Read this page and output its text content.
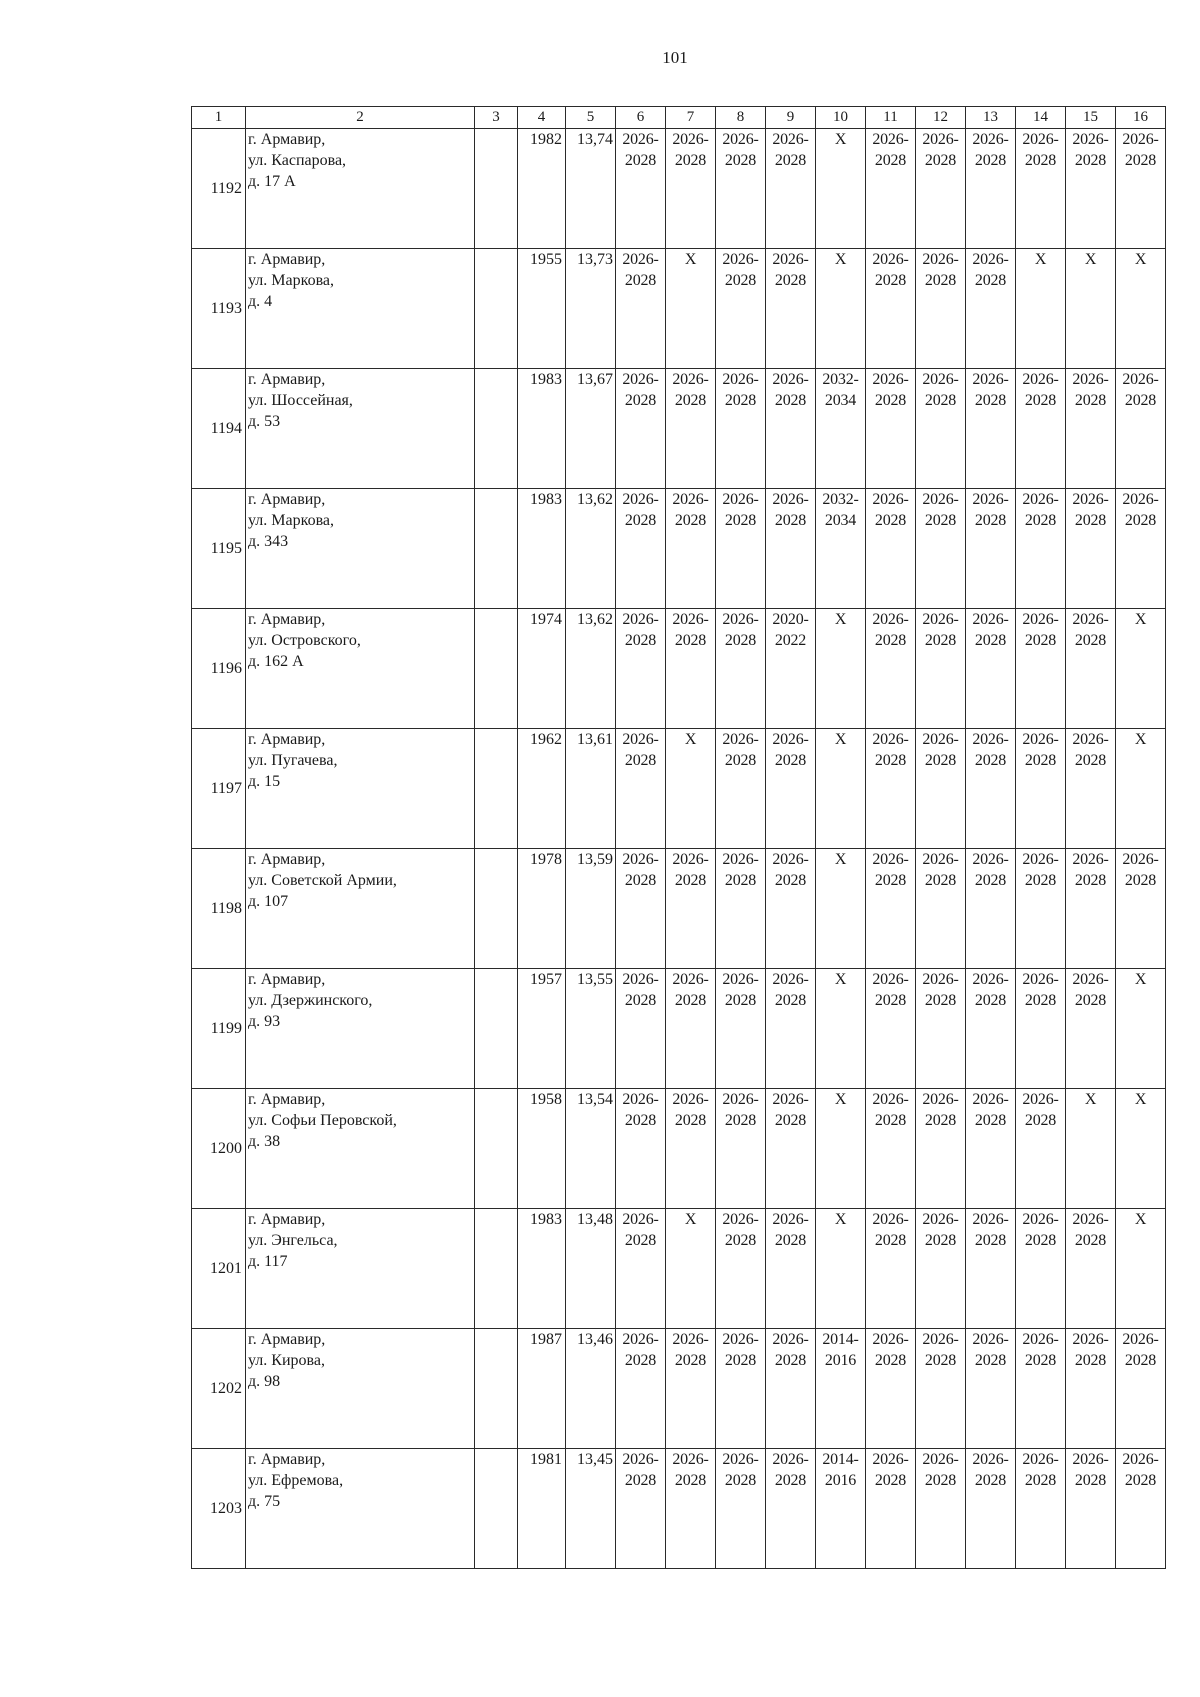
101
1	2	3	4	5	6	7	8	9	10	11	12	13	14	15	16
1192	г. Армавир,
ул. Каспарова,
д. 17 А		1982	13,74	2026-
2028	2026-
2028	2026-
2028	2026-
2028	X	2026-
2028	2026-
2028	2026-
2028	2026-
2028	2026-
2028	2026-
2028
1193	г. Армавир,
ул. Маркова,
д. 4		1955	13,73	2026-
2028	X	2026-
2028	2026-
2028	X	2026-
2028	2026-
2028	2026-
2028	X	X	X
1194	г. Армавир,
ул. Шоссейная,
д. 53		1983	13,67	2026-
2028	2026-
2028	2026-
2028	2026-
2028	2032-
2034	2026-
2028	2026-
2028	2026-
2028	2026-
2028	2026-
2028	2026-
2028
1195	г. Армавир,
ул. Маркова,
д. 343		1983	13,62	2026-
2028	2026-
2028	2026-
2028	2026-
2028	2032-
2034	2026-
2028	2026-
2028	2026-
2028	2026-
2028	2026-
2028	2026-
2028
1196	г. Армавир,
ул. Островского,
д. 162 А		1974	13,62	2026-
2028	2026-
2028	2026-
2028	2020-
2022	X	2026-
2028	2026-
2028	2026-
2028	2026-
2028	2026-
2028	X
1197	г. Армавир,
ул. Пугачева,
д. 15		1962	13,61	2026-
2028	X	2026-
2028	2026-
2028	X	2026-
2028	2026-
2028	2026-
2028	2026-
2028	2026-
2028	X
1198	г. Армавир,
ул. Советской Армии,
д. 107		1978	13,59	2026-
2028	2026-
2028	2026-
2028	2026-
2028	X	2026-
2028	2026-
2028	2026-
2028	2026-
2028	2026-
2028	2026-
2028
1199	г. Армавир,
ул. Дзержинского,
д. 93		1957	13,55	2026-
2028	2026-
2028	2026-
2028	2026-
2028	X	2026-
2028	2026-
2028	2026-
2028	2026-
2028	2026-
2028	X
1200	г. Армавир,
ул. Софьи Перовской,
д. 38		1958	13,54	2026-
2028	2026-
2028	2026-
2028	2026-
2028	X	2026-
2028	2026-
2028	2026-
2028	2026-
2028	X	X
1201	г. Армавир,
ул. Энгельса,
д. 117		1983	13,48	2026-
2028	X	2026-
2028	2026-
2028	X	2026-
2028	2026-
2028	2026-
2028	2026-
2028	2026-
2028	X
1202	г. Армавир,
ул. Кирова,
д. 98		1987	13,46	2026-
2028	2026-
2028	2026-
2028	2026-
2028	2014-
2016	2026-
2028	2026-
2028	2026-
2028	2026-
2028	2026-
2028	2026-
2028
1203	г. Армавир,
ул. Ефремова,
д. 75		1981	13,45	2026-
2028	2026-
2028	2026-
2028	2026-
2028	2014-
2016	2026-
2028	2026-
2028	2026-
2028	2026-
2028	2026-
2028	2026-
2028
